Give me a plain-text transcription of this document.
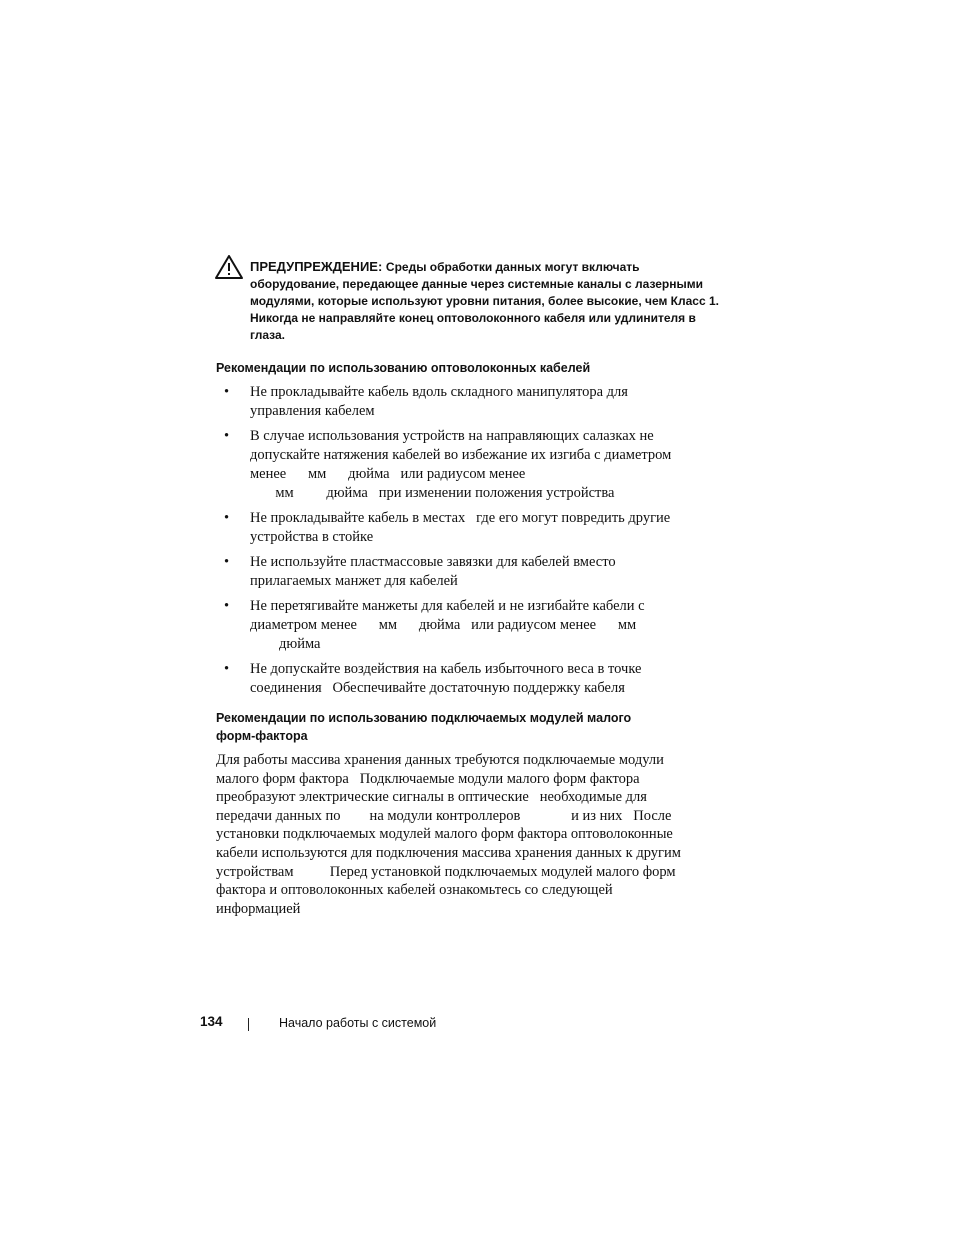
ПРЕДУПРЕЖДЕНИЕ: Среды обработки данных могут включать
оборудование, передающее данные через системные каналы с лазерными
модулями, которые используют уровни питания, более высокие, чем Класс 1.
Никогда не направляйте конец оптоволоконного кабеля или удлинителя в
глаза.
Рекомендации по использованию оптоволоконных кабелей
• Не прокладывайте кабель вдоль складного манипулятора для
управления кабелем
• В случае использования устройств на направляющих салазках не
допускайте натяжения кабелей во избежание их изгиба с диаметром
менее      мм      дюйма   или радиусом менее
мм         дюйма   при изменении положения устройства
• Не прокладывайте кабель в местах   где его могут повредить другие
устройства в стойке
• Не используйте пластмассовые завязки для кабелей вместо
прилагаемых манжет для кабелей
• Не перетягивайте манжеты для кабелей и не изгибайте кабели с
диаметром менее      мм      дюйма   или радиусом менее      мм
дюйма
• Не допускайте воздействия на кабель избыточного веса в точке
соединения   Обеспечивайте достаточную поддержку кабеля
Рекомендации по использованию подключаемых модулей малого
форм-фактора
Для работы массива хранения данных требуются подключаемые модули
малого форм фактора   Подключаемые модули малого форм фактора
преобразуют электрические сигналы в оптические   необходимые для
передачи данных по        на модули контроллеров              и из них   После
установки подключаемых модулей малого форм фактора оптоволоконные
кабели используются для подключения массива хранения данных к другим
устройствам          Перед установкой подключаемых модулей малого форм
фактора и оптоволоконных кабелей ознакомьтесь со следующей
информацией
134	Начало работы с системой
